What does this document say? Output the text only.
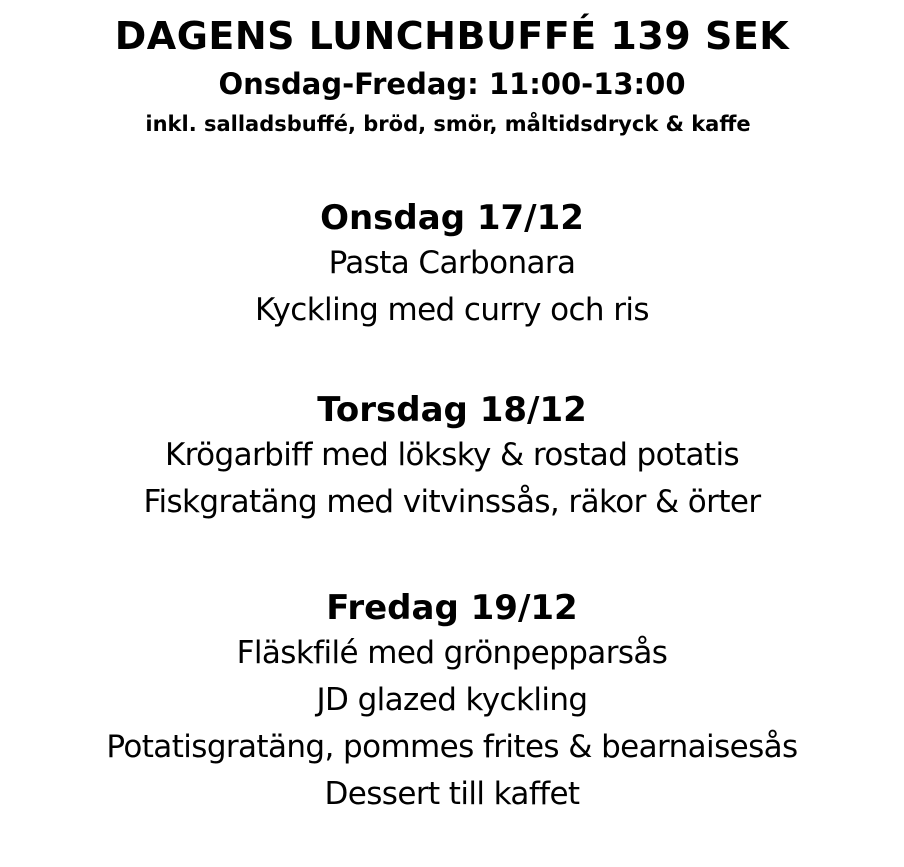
DAGENS LUNCHBUFFÉ 139 SEK
Onsdag-Fredag: 11:00-13:00
inkl. salladsbuffé, bröd, smör, måltidsdryck & kaffe
Onsdag 17/12
Pasta Carbonara
Kyckling med curry och ris
Torsdag 18/12
Krögarbiff med löksky & rostad potatis
Fiskgratäng med vitvinssås, räkor & örter
Fredag 19/12
Fläskfilé med grönpepparsås
JD glazed kyckling
Potatisgratäng, pommes frites & bearnaisesås
Dessert till kaffet
